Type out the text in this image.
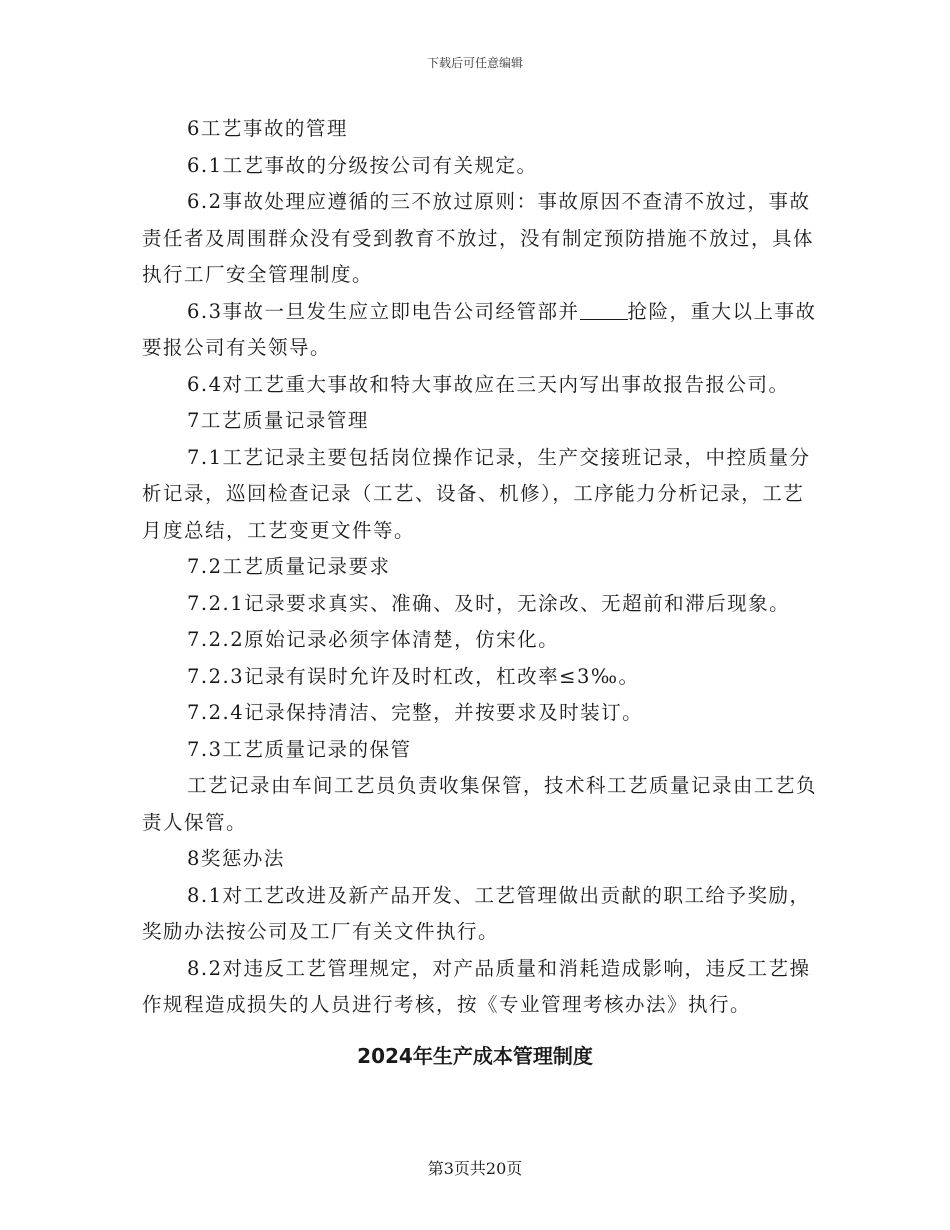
下载后可任意编辑

6工艺事故的管理

6.1工艺事故的分级按公司有关规定。

6.2事故处理应遵循的三不放过原则：事故原因不查清不放过，事故责任者及周围群众没有受到教育不放过，没有制定预防措施不放过，具体执行工厂安全管理制度。

6.3事故一旦发生应立即电告公司经管部并 抢险，重大以上事故要报公司有关领导。

6.4对工艺重大事故和特大事故应在三天内写出事故报告报公司。

7工艺质量记录管理

7.1工艺记录主要包括岗位操作记录，生产交接班记录，中控质量分析记录，巡回检查记录（工艺、设备、机修），工序能力分析记录，工艺月度总结，工艺变更文件等。

7.2工艺质量记录要求

7.2.1记录要求真实、准确、及时，无涂改、无超前和滞后现象。

7.2.2原始记录必须字体清楚，仿宋化。

7.2.3记录有误时允许及时杠改，杠改率≤3‰。

7.2.4记录保持清洁、完整，并按要求及时装订。

7.3工艺质量记录的保管

工艺记录由车间工艺员负责收集保管，技术科工艺质量记录由工艺负责人保管。

8奖惩办法

8.1对工艺改进及新产品开发、工艺管理做出贡献的职工给予奖励，奖励办法按公司及工厂有关文件执行。

8.2对违反工艺管理规定，对产品质量和消耗造成影响，违反工艺操作规程造成损失的人员进行考核，按《专业管理考核办法》执行。

2024年生产成本管理制度
第3页共20页
